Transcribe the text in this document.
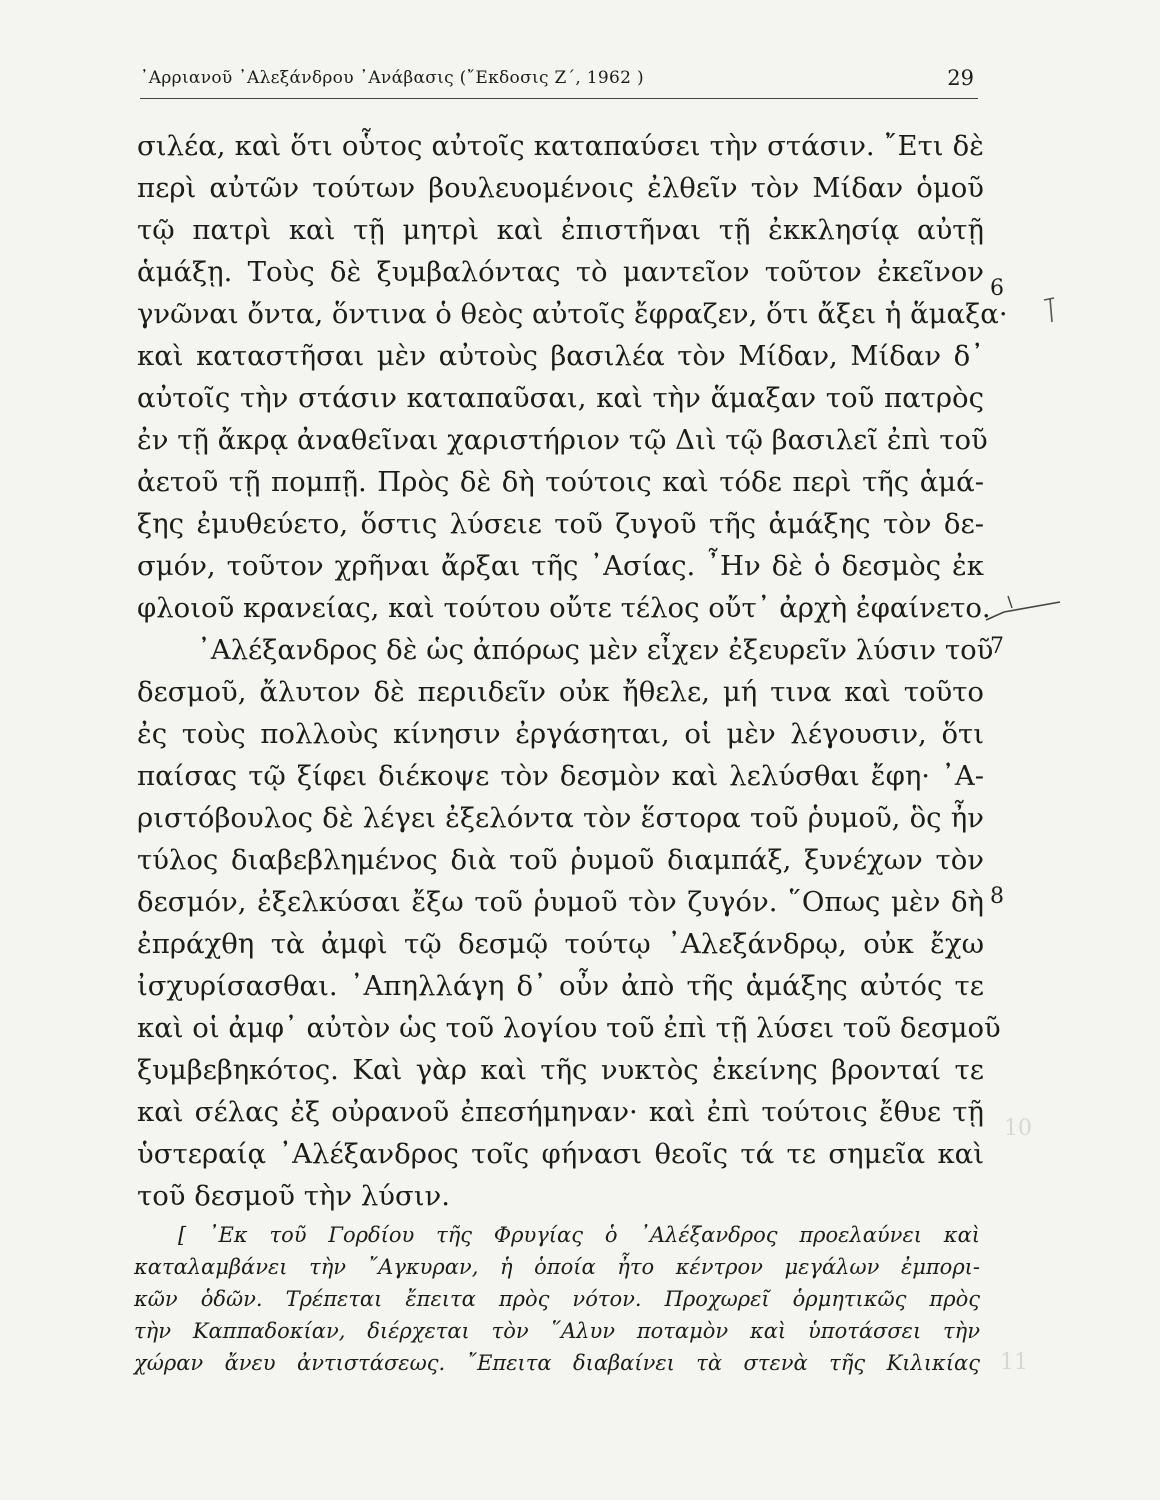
᾽Αρριανοῦ ᾽Αλεξάνδρου ᾽Ανάβασις (῎Εκδοσις Ζ΄, 1962 )	29
σιλέα, καὶ ὅτι οὗτος αὐτοῖς καταπαύσει τὴν στάσιν. ῎Ετι δὲ
περὶ αὐτῶν τούτων βουλευομένοις ἐλθεῖν τὸν Μίδαν ὁμοῦ
τῷ πατρὶ καὶ τῇ μητρὶ καὶ ἐπιστῆναι τῇ ἐκκλησίᾳ αὐτῇ
ἁμάξῃ. Τοὺς δὲ ξυμβαλόντας τὸ μαντεῖον τοῦτον ἐκεῖνον
γνῶναι ὄντα, ὅντινα ὁ θεὸς αὐτοῖς ἔφραζεν, ὅτι ἄξει ἡ ἅμαξα·
καὶ καταστῆσαι μὲν αὐτοὺς βασιλέα τὸν Μίδαν, Μίδαν δ᾽
αὐτοῖς τὴν στάσιν καταπαῦσαι, καὶ τὴν ἅμαξαν τοῦ πατρὸς
ἐν τῇ ἄκρᾳ ἀναθεῖναι χαριστήριον τῷ Διὶ τῷ βασιλεῖ ἐπὶ τοῦ
ἀετοῦ τῇ πομπῇ. Πρὸς δὲ δὴ τούτοις καὶ τόδε περὶ τῆς ἁμά-
ξης ἐμυθεύετο, ὅστις λύσειε τοῦ ζυγοῦ τῆς ἁμάξης τὸν δε-
σμόν, τοῦτον χρῆναι ἄρξαι τῆς ᾽Ασίας. ῏Ην δὲ ὁ δεσμὸς ἐκ
φλοιοῦ κρανείας, καὶ τούτου οὔτε τέλος οὔτ᾽ ἀρχὴ ἐφαίνετο.
᾽Αλέξανδρος δὲ ὡς ἀπόρως μὲν εἶχεν ἐξευρεῖν λύσιν τοῦ
δεσμοῦ, ἄλυτον δὲ περιιδεῖν οὐκ ἤθελε, μή τινα καὶ τοῦτο
ἐς τοὺς πολλοὺς κίνησιν ἐργάσηται, οἱ μὲν λέγουσιν, ὅτι
παίσας τῷ ξίφει διέκοψε τὸν δεσμὸν καὶ λελύσθαι ἔφη· ᾽Α-
ριστόβουλος δὲ λέγει ἐξελόντα τὸν ἕστορα τοῦ ῥυμοῦ, ὃς ἦν
τύλος διαβεβλημένος διὰ τοῦ ῥυμοῦ διαμπάξ, ξυνέχων τὸν
δεσμόν, ἐξελκύσαι ἔξω τοῦ ῥυμοῦ τὸν ζυγόν. ῞Οπως μὲν δὴ
ἐπράχθη τὰ ἀμφὶ τῷ δεσμῷ τούτῳ ᾽Αλεξάνδρῳ, οὐκ ἔχω
ἰσχυρίσασθαι. ᾽Απηλλάγη δ᾽ οὖν ἀπὸ τῆς ἁμάξης αὐτός τε
καὶ οἱ ἀμφ᾽ αὐτὸν ὡς τοῦ λογίου τοῦ ἐπὶ τῇ λύσει τοῦ δεσμοῦ
ξυμβεβηκότος. Καὶ γὰρ καὶ τῆς νυκτὸς ἐκείνης βρονταί τε
καὶ σέλας ἐξ οὐρανοῦ ἐπεσήμηναν· καὶ ἐπὶ τούτοις ἔθυε τῇ
ὑστεραίᾳ ᾽Αλέξανδρος τοῖς φήνασι θεοῖς τά τε σημεῖα καὶ
τοῦ δεσμοῦ τὴν λύσιν.
6
7
8
[ ᾽Εκ τοῦ Γορδίου τῆς Φρυγίας ὁ ᾽Αλέξανδρος προελαύνει καὶ
καταλαμβάνει τὴν ῎Αγκυραν, ἡ ὁποία ἦτο κέντρον μεγάλων ἐμπορι-
κῶν ὁδῶν. Τρέπεται ἔπειτα πρὸς νότον. Προχωρεῖ ὁρμητικῶς πρὸς
τὴν Καππαδοκίαν, διέρχεται τὸν ῞Αλυν ποταμὸν καὶ ὑποτάσσει τὴν
χώραν ἄνευ ἀντιστάσεως. ῎Επειτα διαβαίνει τὰ στενὰ τῆς Κιλικίας
10
11
